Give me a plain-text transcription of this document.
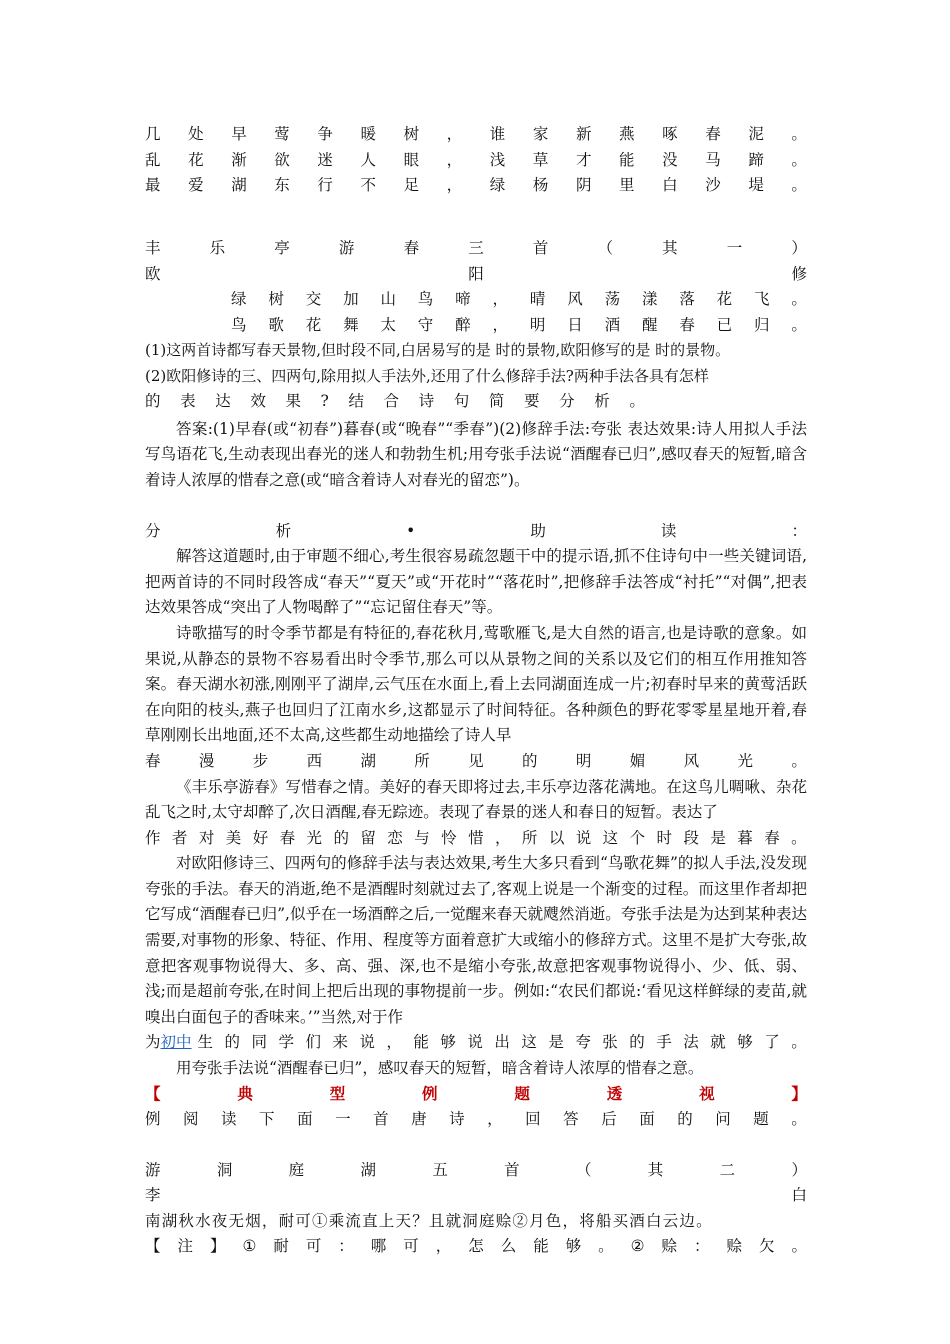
几 处 早 莺 争 暖 树 ， 谁 家 新 燕 啄 春 泥 。
乱 花 渐 欲 迷 人 眼 ， 浅 草 才 能 没 马 蹄 。
最 爱 湖 东 行 不 足 ， 绿 杨 阴 里 白 沙 堤 。
丰	乐	亭	游	春	三	首	（	其	一	）
欧	阳	修
绿 树 交 加 山 鸟 啼 ， 晴 风 荡 漾 落 花 飞 。
鸟 歌 花 舞 太 守 醉 ， 明 日 酒 醒 春 已 归 。
(1)这两首诗都写春天景物,但时段不同,白居易写的是 时的景物,欧阳修写的是 时的景物。
(2)欧阳修诗的三、四两句,除用拟人手法外,还用了什么修辞手法?两种手法各具有怎样
的 表 达 效 果 ? 结 合 诗 句 简 要 分 析 。
答案:(1)早春(或“初春”)暮春(或“晚春”“季春”)(2)修辞手法:夸张 表达效果:诗人用拟人手法写鸟语花飞,生动表现出春光的迷人和勃勃生机;用夸张手法说“酒醒春已归”,感叹春天的短暂,暗含着诗人浓厚的惜春之意(或“暗含着诗人对春光的留恋”)。
分	析	•	助	读	：
解答这道题时,由于审题不细心,考生很容易疏忽题干中的提示语,抓不住诗句中一些关键词语,把两首诗的不同时段答成“春天”“夏天”或“开花时”“落花时”,把修辞手法答成“衬托”“对偶”,把表达效果答成“突出了人物喝醉了”“忘记留住春天”等。
诗歌描写的时令季节都是有特征的,春花秋月,莺歌雁飞,是大自然的语言,也是诗歌的意象。如果说,从静态的景物不容易看出时令季节,那么可以从景物之间的关系以及它们的相互作用推知答案。春天湖水初涨,刚刚平了湖岸,云气压在水面上,看上去同湖面连成一片;初春时早来的黄莺活跃在向阳的枝头,燕子也回归了江南水乡,这都显示了时间特征。各种颜色的野花零零星星地开着,春草刚刚长出地面,还不太高,这些都生动地描绘了诗人早
春 漫 步 西 湖 所 见 的 明 媚 风 光 。
《丰乐亭游春》写惜春之情。美好的春天即将过去,丰乐亭边落花满地。在这鸟儿啁啾、杂花乱飞之时,太守却醉了,次日酒醒,春无踪迹。表现了春景的迷人和春日的短暂。表达了
作 者 对 美 好 春 光 的 留 恋 与 怜 惜 ， 所 以 说 这 个 时 段 是 暮 春 。
对欧阳修诗三、四两句的修辞手法与表达效果,考生大多只看到“鸟歌花舞”的拟人手法,没发现夸张的手法。春天的消逝,绝不是酒醒时刻就过去了,客观上说是一个渐变的过程。而这里作者却把它写成“酒醒春已归”,似乎在一场酒醉之后,一觉醒来春天就飕然消逝。夸张手法是为达到某种表达需要,对事物的形象、特征、作用、程度等方面着意扩大或缩小的修辞方式。这里不是扩大夸张,故意把客观事物说得大、多、高、强、深,也不是缩小夸张,故意把客观事物说得小、少、低、弱、浅;而是超前夸张,在时间上把后出现的事物提前一步。例如:“农民们都说:‘看见这样鲜绿的麦苗,就嗅出白面包子的香味来。’”当然,对于作
为 初中 生 的 同 学 们 来 说 ， 能 够 说 出 这 是 夸 张 的 手 法 就 够 了 。
用夸张手法说“酒醒春已归”，感叹春天的短暂，暗含着诗人浓厚的惜春之意。
【	典	型	例	题	透	视	】
例 阅 读 下 面 一 首 唐 诗 ， 回 答 后 面 的 问 题 。
游	洞	庭	湖	五	首	（	其	二	）
李	白
南湖秋水夜无烟，耐可①乘流直上天？且就洞庭赊②月色，将船买酒白云边。
【 注 】 ① 耐 可 ： 哪 可 ， 怎 么 能 够 。 ② 赊 ： 赊 欠 。
